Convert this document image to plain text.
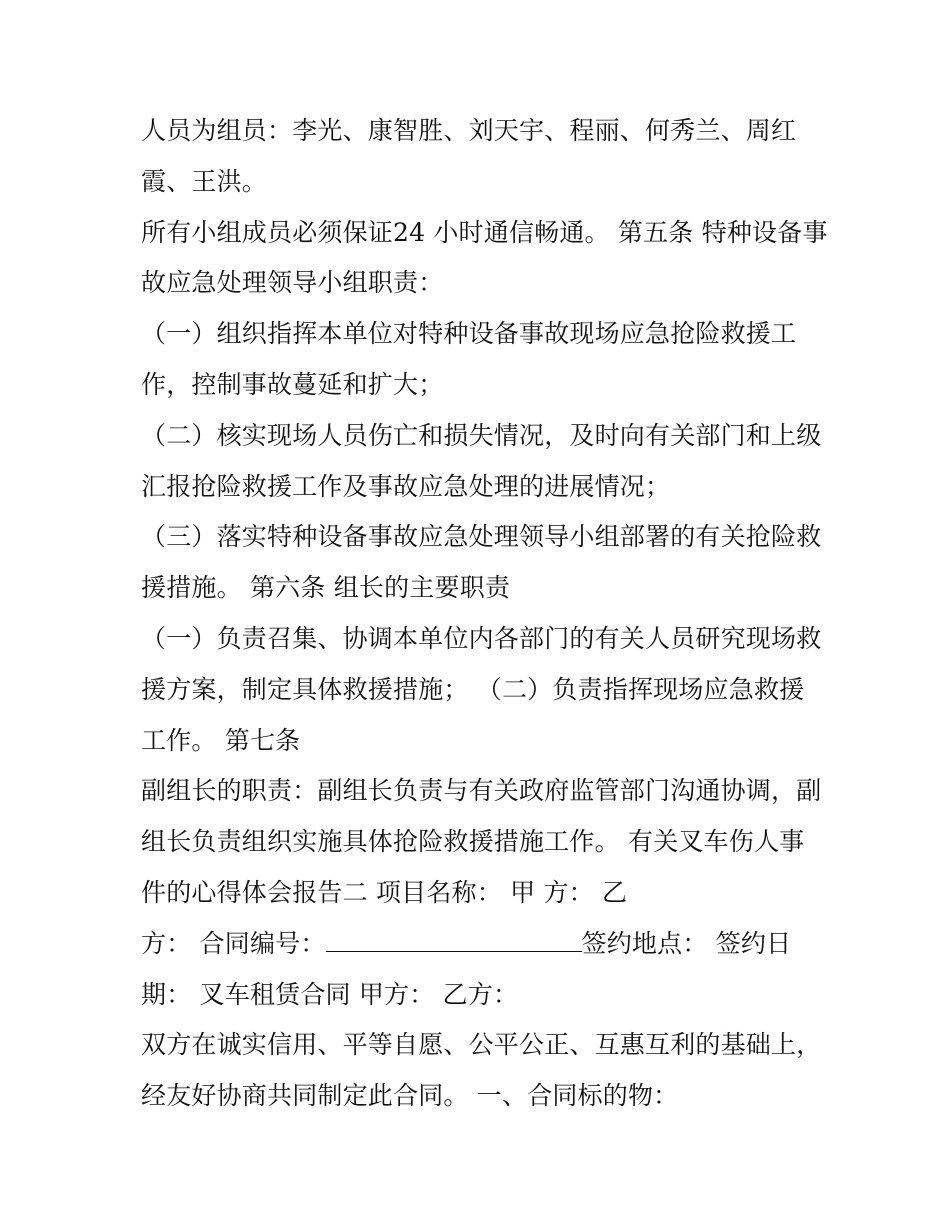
人员为组员：李光、康智胜、刘天宇、程丽、何秀兰、周红
霞、王洪。

所有小组成员必须保证24 小时通信畅通。 第五条 特种设备事
故应急处理领导小组职责：

（一）组织指挥本单位对特种设备事故现场应急抢险救援工
作，控制事故蔓延和扩大；

（二）核实现场人员伤亡和损失情况，及时向有关部门和上级
汇报抢险救援工作及事故应急处理的进展情况；

（三）落实特种设备事故应急处理领导小组部署的有关抢险救
援措施。 第六条 组长的主要职责

（一）负责召集、协调本单位内各部门的有关人员研究现场救
援方案，制定具体救援措施； （二）负责指挥现场应急救援
工作。 第七条

副组长的职责：副组长负责与有关政府监管部门沟通协调，副
组长负责组织实施具体抢险救援措施工作。 有关叉车伤人事
件的心得体会报告二 项目名称： 甲 方： 乙

方： 合同编号：	签约地点： 签约日
期： 叉车租赁合同 甲方： 乙方：

双方在诚实信用、平等自愿、公平公正、互惠互利的基础上，
经友好协商共同制定此合同。 一、合同标的物：
